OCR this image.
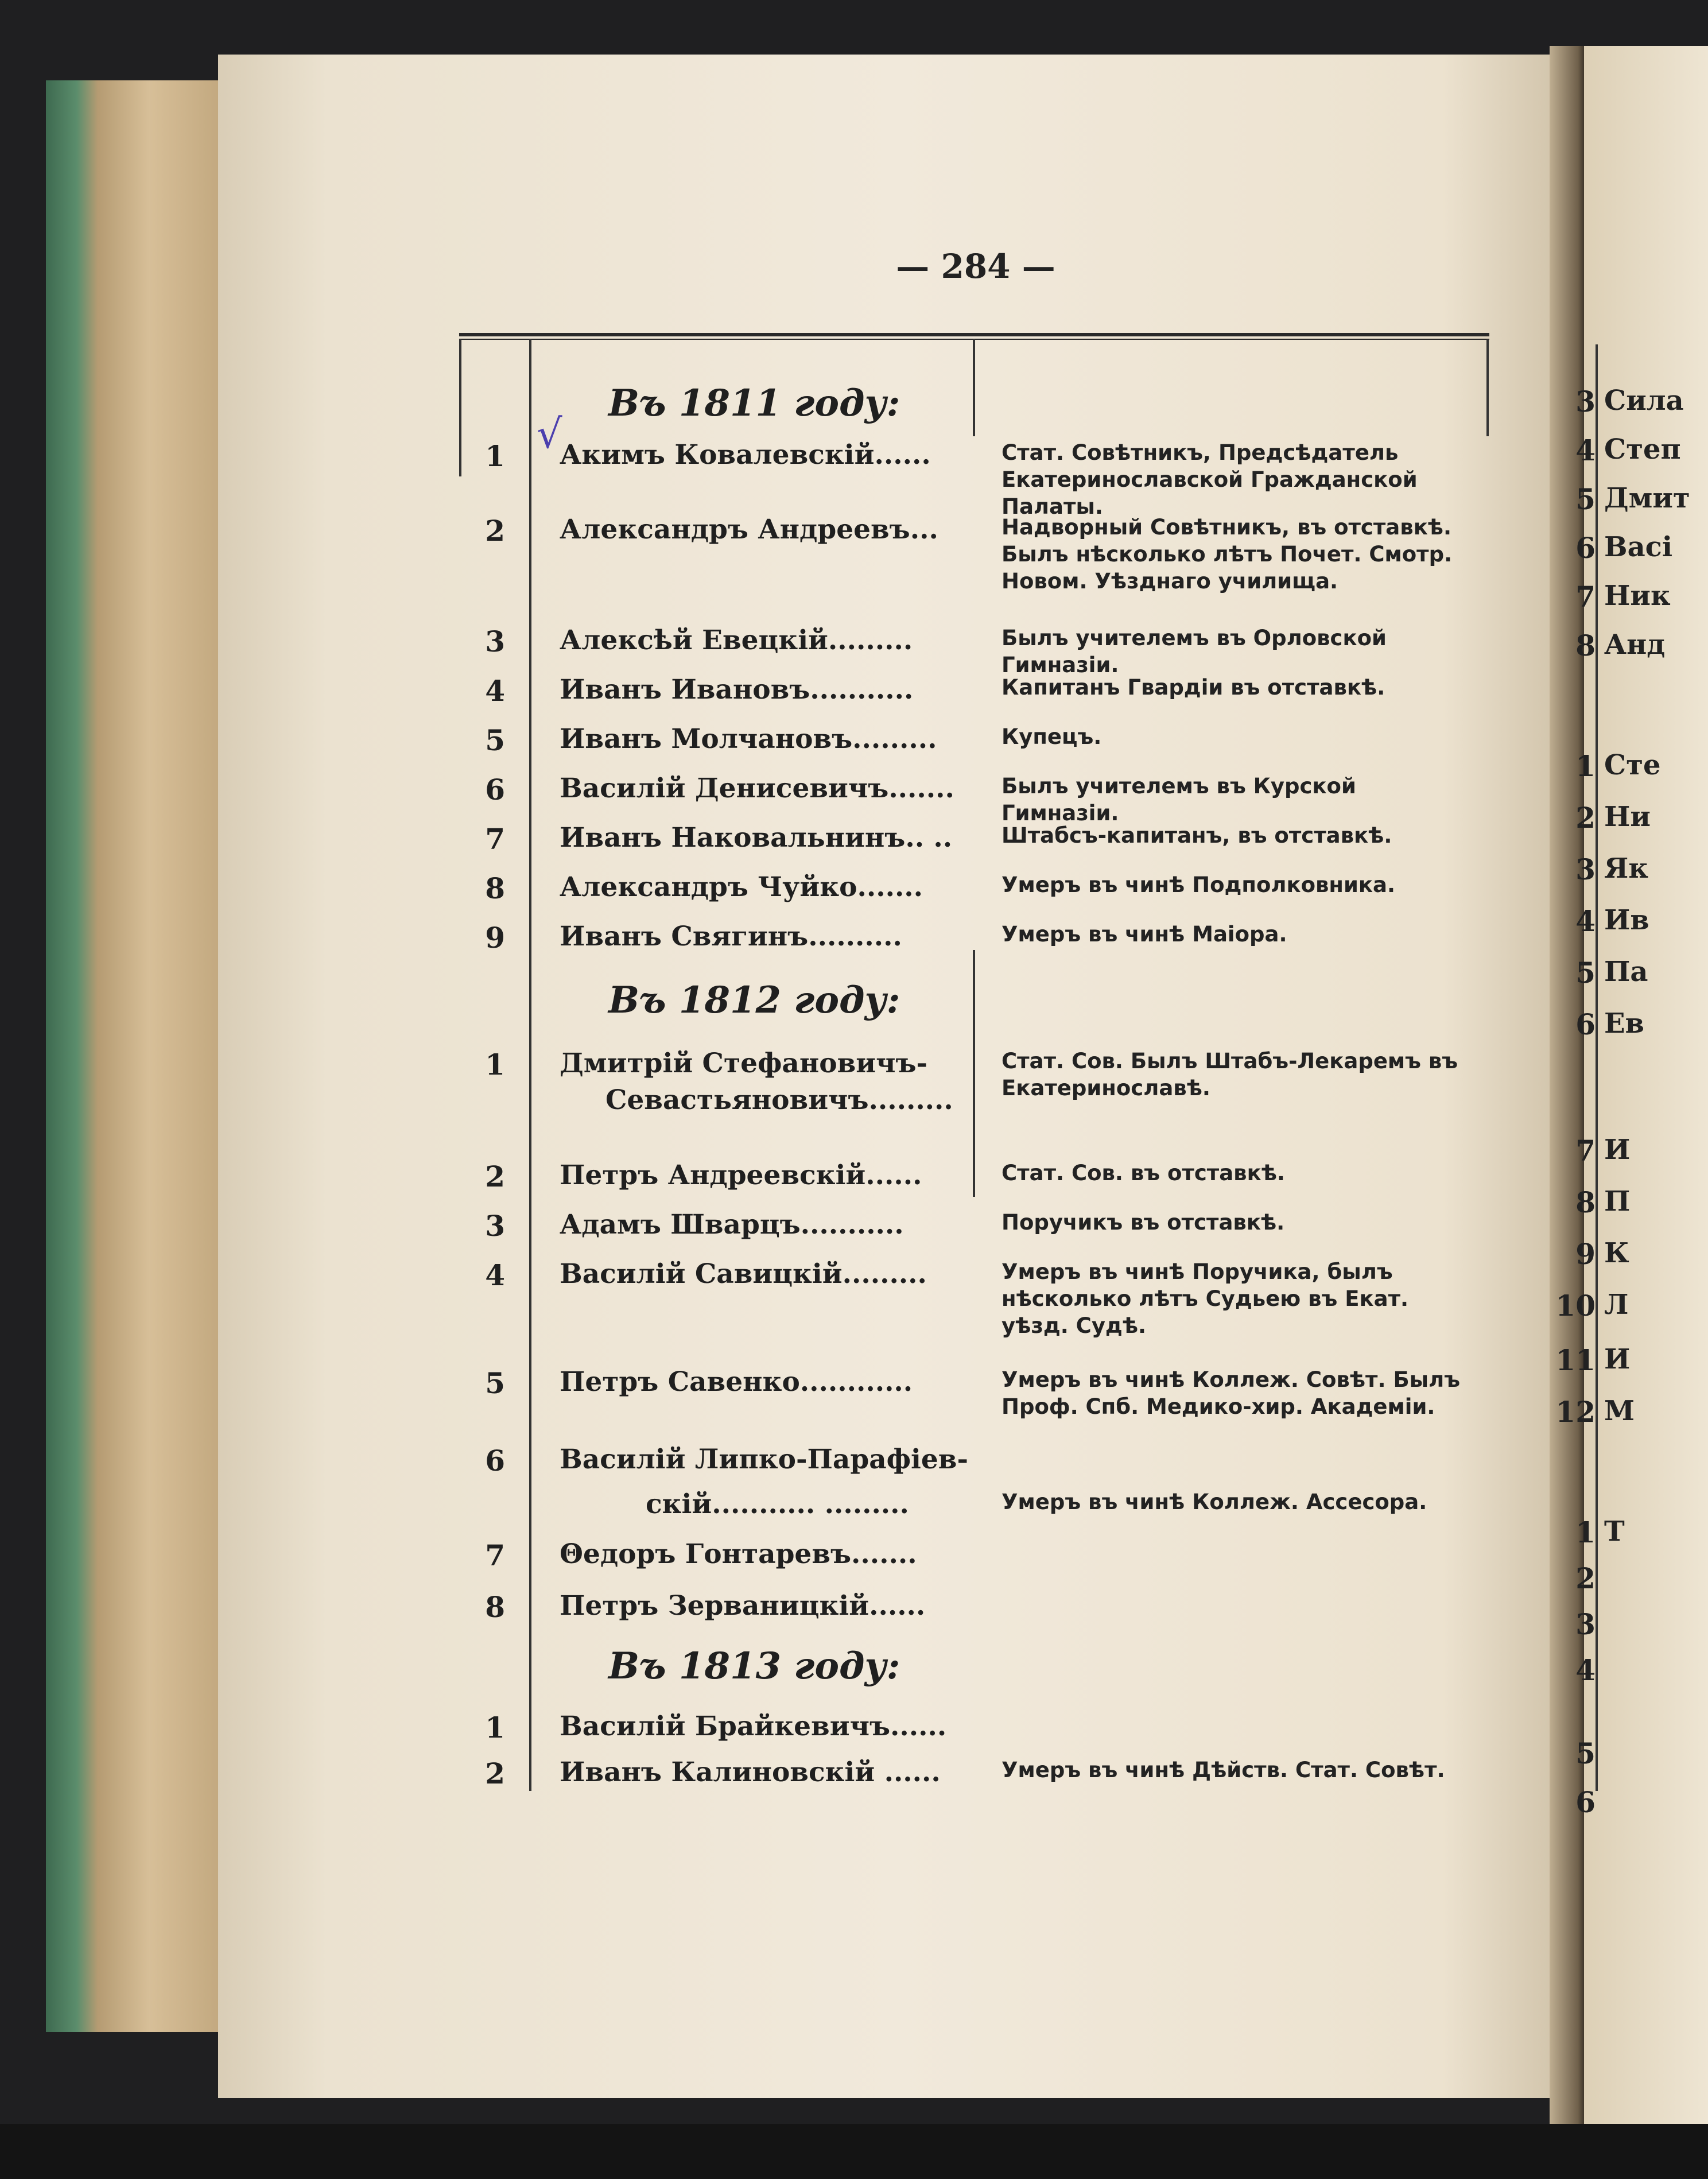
— 284 —
√
Въ 1811 году:
1 Акимъ Ковалевскій......	Стат. Совѣтникъ, Предсѣдатель Екатеринославской Гражданской Палаты.
2 Александръ Андреевъ...	Надворный Совѣтникъ, въ отставкѣ. Былъ нѣсколько лѣтъ Почет. Смотр. Новом. Уѣзднаго училища.
3 Алексѣй Евецкій.........	Былъ учителемъ въ Орловской Гимназіи.
4 Иванъ Ивановъ...........	Капитанъ Гвардіи въ отставкѣ.
5 Иванъ Молчановъ.........	Купецъ.
6 Василій Денисевичъ....... Былъ учителемъ въ Курской Гимназіи.
7 Иванъ Наковальнинъ.. .. Штабсъ-капитанъ, въ отставкѣ.
8 Александръ Чуйко.......	Умеръ въ чинѣ Подполковника.
9 Иванъ Свягинъ..........	Умеръ въ чинѣ Маіора.
Въ 1812 году:
1 Дмитрій Стефановичъ-
Севастьяновичъ.........
Стат. Сов. Былъ Штабъ-Лекаремъ въ Екатеринославѣ.
2 Петръ Андреевскій......	Стат. Сов. въ отставкѣ.
3 Адамъ Шварцъ...........	Поручикъ въ отставкѣ.
4 Василій Савицкій.........	Умеръ въ чинѣ Поручика, былъ нѣсколько лѣтъ Судьею въ Екат. уѣзд. Судѣ.
5 Петръ Савенко............	Умеръ въ чинѣ Коллеж. Совѣт. Былъ Проф. Спб. Медико-хир. Академіи.
6 Василій Липко-Парафіев-
скій........... .........	Умеръ въ чинѣ Коллеж. Ассесора.
7 Θедоръ Гонтаревъ.......
8 Петръ Зерваницкій......
Въ 1813 году:
1 Василій Брайкевичъ......
2 Иванъ Калиновскій ......	Умеръ въ чинѣ Дѣйств. Стат. Совѣт.
3 Сила
4 Степ
5 Дмит
6 Васі
7 Ник
8 Анд
1 Сте
2 Ни
3 Як
4 Ив
5 Па
6 Ев
7 И
8 П
9 К
10 Л
11 И
12 М
1 Т
2
3
4
5
6
